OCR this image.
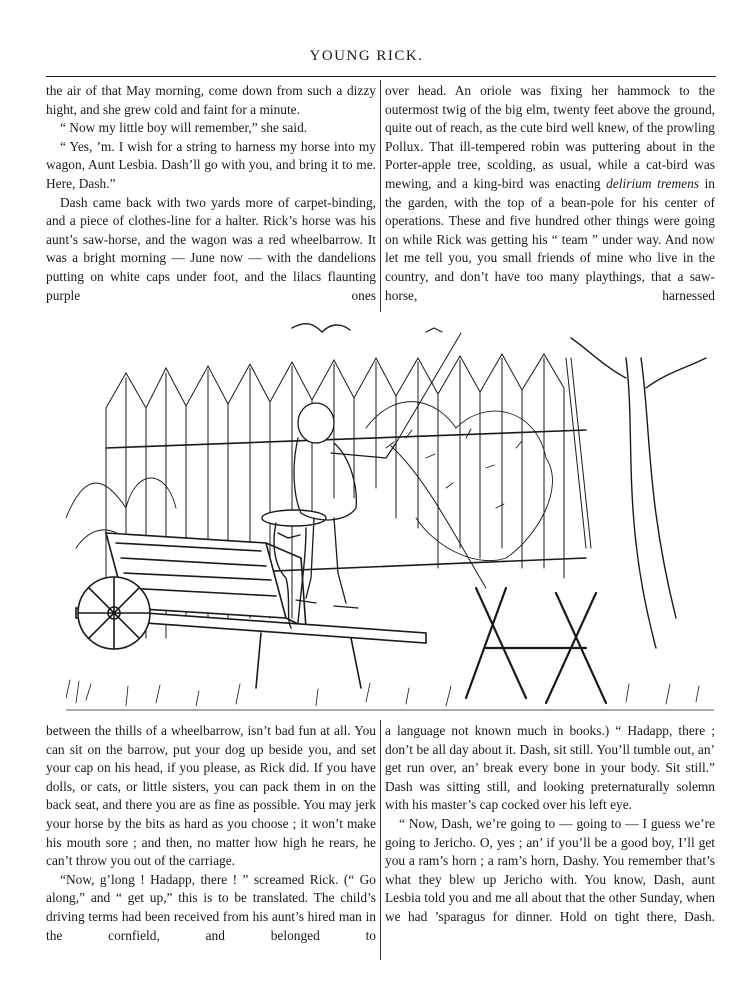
YOUNG RICK.

the air of that May morning, come down from such a dizzy hight, and she grew cold and faint for a minute.

“ Now my little boy will remember,” she said.

“ Yes, ’m. I wish for a string to harness my horse into my wagon, Aunt Lesbia. Dash’ll go with you, and bring it to me. Here, Dash.”

Dash came back with two yards more of carpet-binding, and a piece of clothes-line for a halter. Rick’s horse was his aunt’s saw-horse, and the wagon was a red wheelbarrow. It was a bright morning — June now — with the dandelions putting on white caps under foot, and the lilacs flaunting purple ones

over head. An oriole was fixing her hammock to the outermost twig of the big elm, twenty feet above the ground, quite out of reach, as the cute bird well knew, of the prowling Pollux. That ill-tempered robin was puttering about in the Porter-apple tree, scolding, as usual, while a cat-bird was mewing, and a king-bird was enacting delirium tremens in the garden, with the top of a bean-pole for his center of operations. These and five hundred other things were going on while Rick was getting his “ team ” under way. And now let me tell you, you small friends of mine who live in the country, and don’t have too many playthings, that a saw-horse, harnessed

between the thills of a wheelbarrow, isn’t bad fun at all. You can sit on the barrow, put your dog up beside you, and set your cap on his head, if you please, as Rick did. If you have dolls, or cats, or little sisters, you can pack them in on the back seat, and there you are as fine as possible. You may jerk your horse by the bits as hard as you choose ; it won’t make his mouth sore ; and then, no matter how high he rears, he can’t throw you out of the carriage.

“Now, g’long ! Hadapp, there ! ” screamed Rick. (“ Go along,” and “ get up,” this is to be translated. The child’s driving terms had been received from his aunt’s hired man in the cornfield, and belonged to

a language not known much in books.) “ Hadapp, there ; don’t be all day about it. Dash, sit still. You’ll tumble out, an’ get run over, an’ break every bone in your body. Sit still.” Dash was sitting still, and looking preternaturally solemn with his master’s cap cocked over his left eye.

“ Now, Dash, we’re going to — going to — I guess we’re going to Jericho. O, yes ; an’ if you’ll be a good boy, I’ll get you a ram’s horn ; a ram’s horn, Dashy. You remember that’s what they blew up Jericho with. You know, Dash, aunt Lesbia told you and me all about that the other Sunday, when we had ’sparagus for dinner. Hold on tight there, Dash.
